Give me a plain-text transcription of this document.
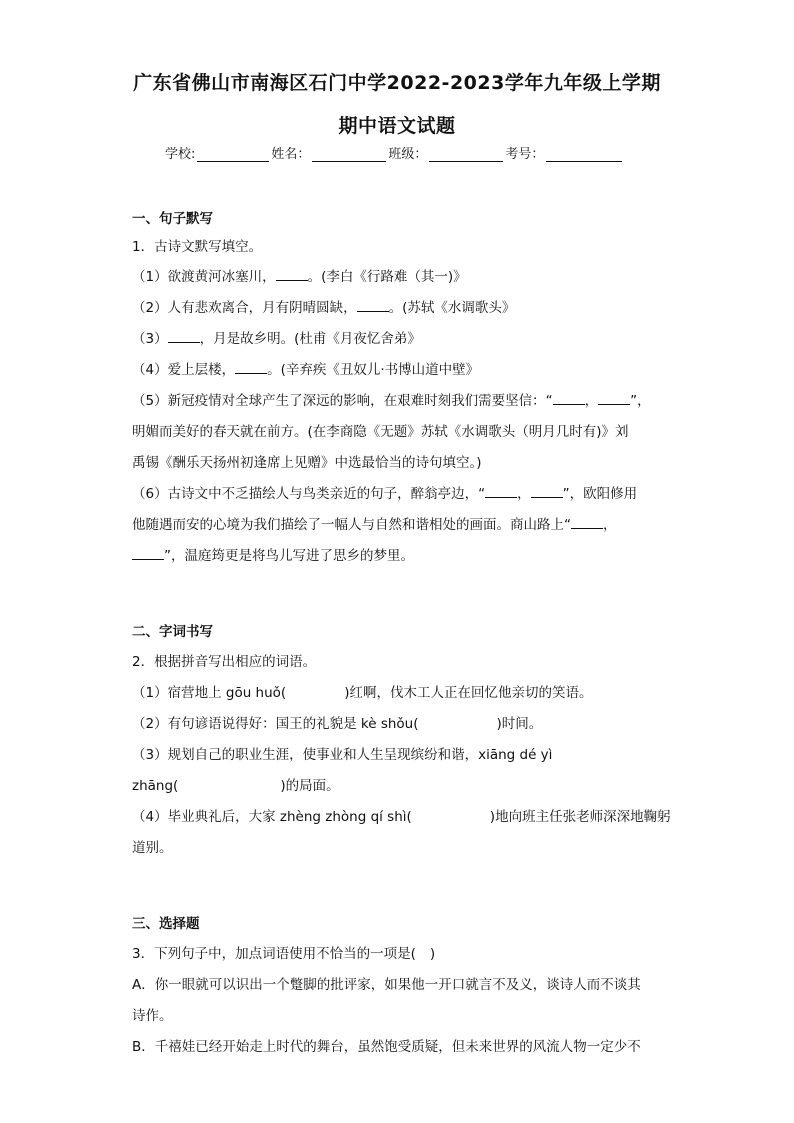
广东省佛山市南海区石门中学2022-2023学年九年级上学期
期中语文试题
学校:	姓名：	班级：	考号：
一、句子默写
1．古诗文默写填空。
（1）欲渡黄河冰塞川， 。(李白《行路难（其一)》
（2）人有悲欢离合，月有阴晴圆缺， 。(苏轼《水调歌头》
（3） ，月是故乡明。(杜甫《月夜忆舍弟》
（4）爱上层楼， 。(辛弃疾《丑奴儿·书博山道中壁》
（5）新冠疫情对全球产生了深远的影响，在艰难时刻我们需要坚信：“ ， ”，
明媚而美好的春天就在前方。(在李商隐《无题》苏轼《水调歌头（明月几时有)》刘
禹锡《酬乐天扬州初逢席上见赠》中选最恰当的诗句填空。)
（6）古诗文中不乏描绘人与鸟类亲近的句子，醉翁亭边，“ ， ”，欧阳修用
他随遇而安的心境为我们描绘了一幅人与自然和谐相处的画面。商山路上“ ，
”，温庭筠更是将鸟儿写进了思乡的梦里。
二、字词书写
2．根据拼音写出相应的词语。
（1）宿营地上 gōu huǒ(	)红啊，伐木工人正在回忆他亲切的笑语。
（2）有句谚语说得好：国王的礼貌是 kè shǒu(	)时间。
（3）规划自己的职业生涯，使事业和人生呈现缤纷和谐，xiāng dé yì
zhāng(	)的局面。
（4）毕业典礼后，大家 zhèng zhòng qí shì(	)地向班主任张老师深深地鞠躬
道别。
三、选择题
3．下列句子中，加点词语使用不恰当的一项是( )
A．你一眼就可以识出一个蹩脚的批评家，如果他一开口就言不及义，谈诗人而不谈其
诗作。
B．千禧娃已经开始走上时代的舞台，虽然饱受质疑，但未来世界的风流人物一定少不
